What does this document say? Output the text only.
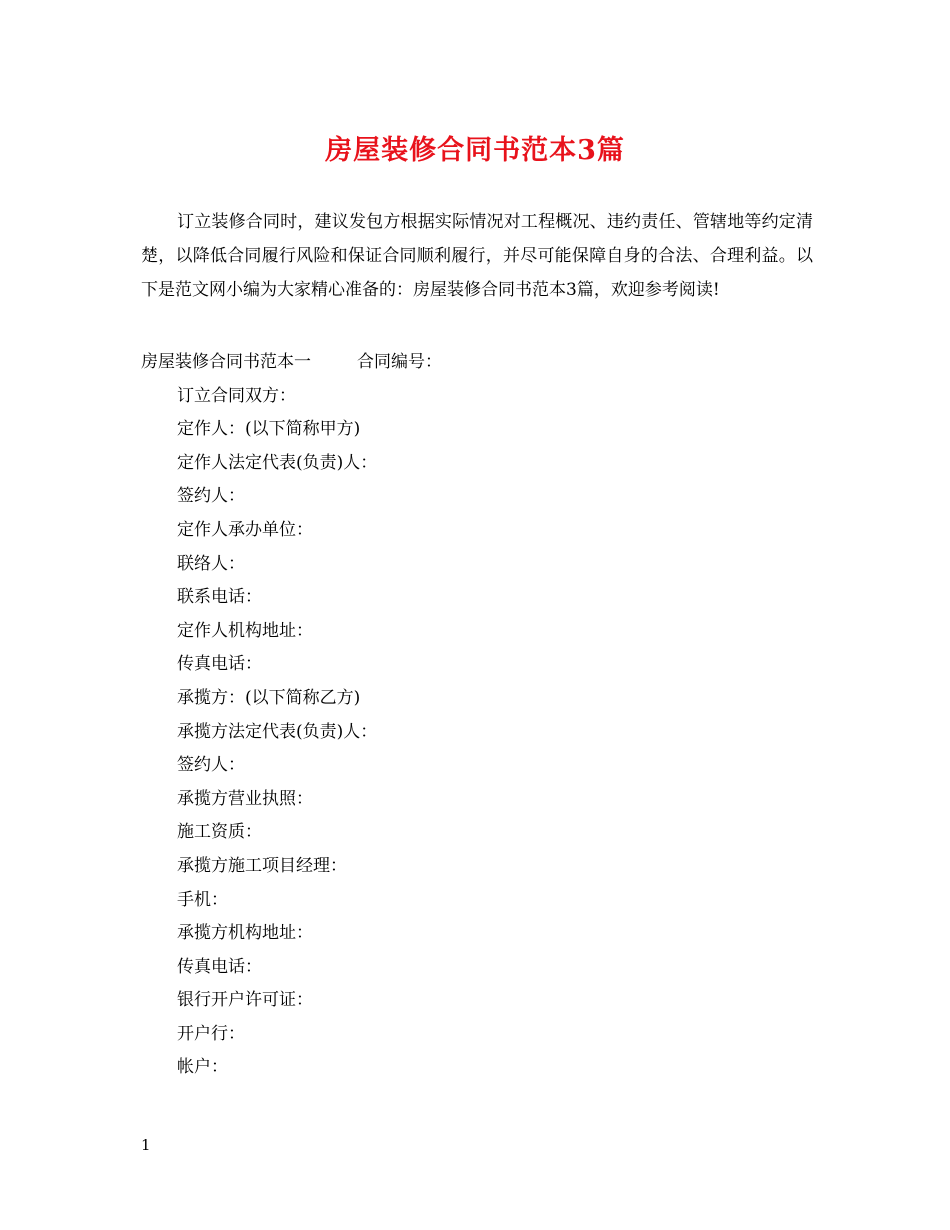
房屋装修合同书范本3篇

订立装修合同时，建议发包方根据实际情况对工程概况、违约责任、管辖地等约定清楚，以降低合同履行风险和保证合同顺利履行，并尽可能保障自身的合法、合理利益。以下是范文网小编为大家精心准备的：房屋装修合同书范本3篇，欢迎参考阅读!

房屋装修合同书范本一	合同编号：
订立合同双方：
定作人：(以下简称甲方)
定作人法定代表(负责)人：
签约人：
定作人承办单位：
联络人：
联系电话：
定作人机构地址：
传真电话：
承揽方：(以下简称乙方)
承揽方法定代表(负责)人：
签约人：
承揽方营业执照：
施工资质：
承揽方施工项目经理：
手机：
承揽方机构地址：
传真电话：
银行开户许可证：
开户行：
帐户：
1
